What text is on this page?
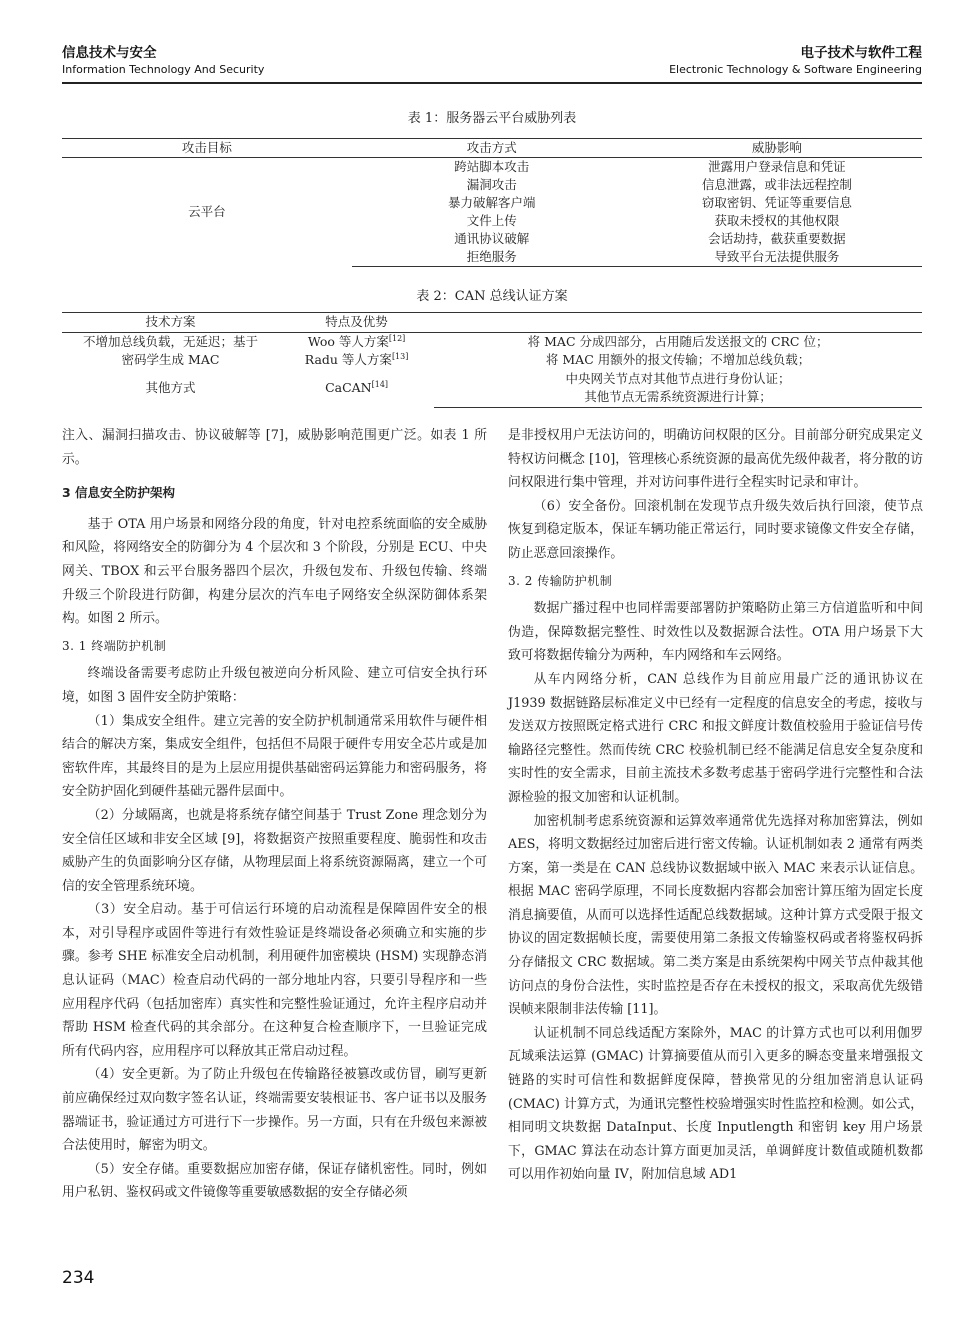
信息技术与安全
Information Technology And Security
电子技术与软件工程
Electronic Technology & Software Engineering
表 1：服务器云平台威胁列表
攻击目标	攻击方式	威胁影响
云平台	跨站脚本攻击	泄露用户登录信息和凭证
	漏洞攻击	信息泄露，或非法远程控制
	暴力破解客户端	窃取密钥、凭证等重要信息
	文件上传	获取未授权的其他权限
	通讯协议破解	会话劫持，截获重要数据
	拒绝服务	导致平台无法提供服务
表 2：CAN 总线认证方案
技术方案	特点及优势	
不增加总线负载，无延迟；基于	Woo 等人方案[12]	将 MAC 分成四部分，占用随后发送报文的 CRC 位；
密码学生成 MAC	Radu 等人方案[13]	将 MAC 用额外的报文传输；不增加总线负载；
其他方式	CaCAN[14]	中央网关节点对其他节点进行身份认证；
		其他节点无需系统资源进行计算；

注入、漏洞扫描攻击、协议破解等 [7]，威胁影响范围更广泛。如表 1 所示。

3 信息安全防护架构

基于 OTA 用户场景和网络分段的角度，针对电控系统面临的安全威胁和风险，将网络安全的防御分为 4 个层次和 3 个阶段，分别是 ECU、中央网关、TBOX 和云平台服务器四个层次，升级包发布、升级包传输、终端升级三个阶段进行防御，构建分层次的汽车电子网络安全纵深防御体系架构。如图 2 所示。

3. 1 终端防护机制

终端设备需要考虑防止升级包被逆向分析风险、建立可信安全执行环境，如图 3 固件安全防护策略：

（1）集成安全组件。建立完善的安全防护机制通常采用软件与硬件相结合的解决方案，集成安全组件，包括但不局限于硬件专用安全芯片或是加密软件库，其最终目的是为上层应用提供基础密码运算能力和密码服务，将安全防护固化到硬件基础元器件层面中。

（2）分域隔离，也就是将系统存储空间基于 Trust Zone 理念划分为安全信任区域和非安全区域 [9]，将数据资产按照重要程度、脆弱性和攻击威胁产生的负面影响分区存储，从物理层面上将系统资源隔离，建立一个可信的安全管理系统环境。

（3）安全启动。基于可信运行环境的启动流程是保障固件安全的根本，对引导程序或固件等进行有效性验证是终端设备必须确立和实施的步骤。参考 SHE 标准安全启动机制，利用硬件加密模块 (HSM) 实现静态消息认证码（MAC）检查启动代码的一部分地址内容，只要引导程序和一些应用程序代码（包括加密库）真实性和完整性验证通过，允许主程序启动并帮助 HSM 检查代码的其余部分。在这种复合检查顺序下，一旦验证完成所有代码内容，应用程序可以释放其正常启动过程。

（4）安全更新。为了防止升级包在传输路径被篡改或仿冒，刷写更新前应确保经过双向数字签名认证，终端需要安装根证书、客户证书以及服务器端证书，验证通过方可进行下一步操作。另一方面，只有在升级包来源被合法使用时，解密为明文。

（5）安全存储。重要数据应加密存储，保证存储机密性。同时，例如用户私钥、鉴权码或文件镜像等重要敏感数据的安全存储必须

是非授权用户无法访问的，明确访问权限的区分。目前部分研究成果定义特权访问概念 [10]，管理核心系统资源的最高优先级仲裁者，将分散的访问权限进行集中管理，并对访问事件进行全程实时记录和审计。

（6）安全备份。回滚机制在发现节点升级失效后执行回滚，使节点恢复到稳定版本，保证车辆功能正常运行，同时要求镜像文件安全存储，防止恶意回滚操作。

3. 2 传输防护机制

数据广播过程中也同样需要部署防护策略防止第三方信道监听和中间伪造，保障数据完整性、时效性以及数据源合法性。OTA 用户场景下大致可将数据传输分为两种，车内网络和车云网络。

从车内网络分析，CAN 总线作为目前应用最广泛的通讯协议在 J1939 数据链路层标准定义中已经有一定程度的信息安全的考虑，接收与发送双方按照既定格式进行 CRC 和报文鲜度计数值校验用于验证信号传输路径完整性。然而传统 CRC 校验机制已经不能满足信息安全复杂度和实时性的安全需求，目前主流技术多数考虑基于密码学进行完整性和合法源检验的报文加密和认证机制。

加密机制考虑系统资源和运算效率通常优先选择对称加密算法，例如 AES，将明文数据经过加密后进行密文传输。认证机制如表 2 通常有两类方案，第一类是在 CAN 总线协议数据域中嵌入 MAC 来表示认证信息。根据 MAC 密码学原理，不同长度数据内容都会加密计算压缩为固定长度消息摘要值，从而可以选择性适配总线数据域。这种计算方式受限于报文协议的固定数据帧长度，需要使用第二条报文传输鉴权码或者将鉴权码拆分存储报文 CRC 数据域。第二类方案是由系统架构中网关节点仲裁其他访问点的身份合法性，实时监控是否存在未授权的报文，采取高优先级错误帧来限制非法传输 [11]。

认证机制不同总线适配方案除外，MAC 的计算方式也可以利用伽罗瓦域乘法运算 (GMAC) 计算摘要值从而引入更多的瞬态变量来增强报文链路的实时可信性和数据鲜度保障，替换常见的分组加密消息认证码 (CMAC) 计算方式，为通讯完整性校验增强实时性监控和检测。如公式，相同明文块数据 DataInput、长度 Inputlength 和密钥 key 用户场景下，GMAC 算法在动态计算方面更加灵活，单调鲜度计数值或随机数都可以用作初始向量 IV，附加信息域 AD1

234
